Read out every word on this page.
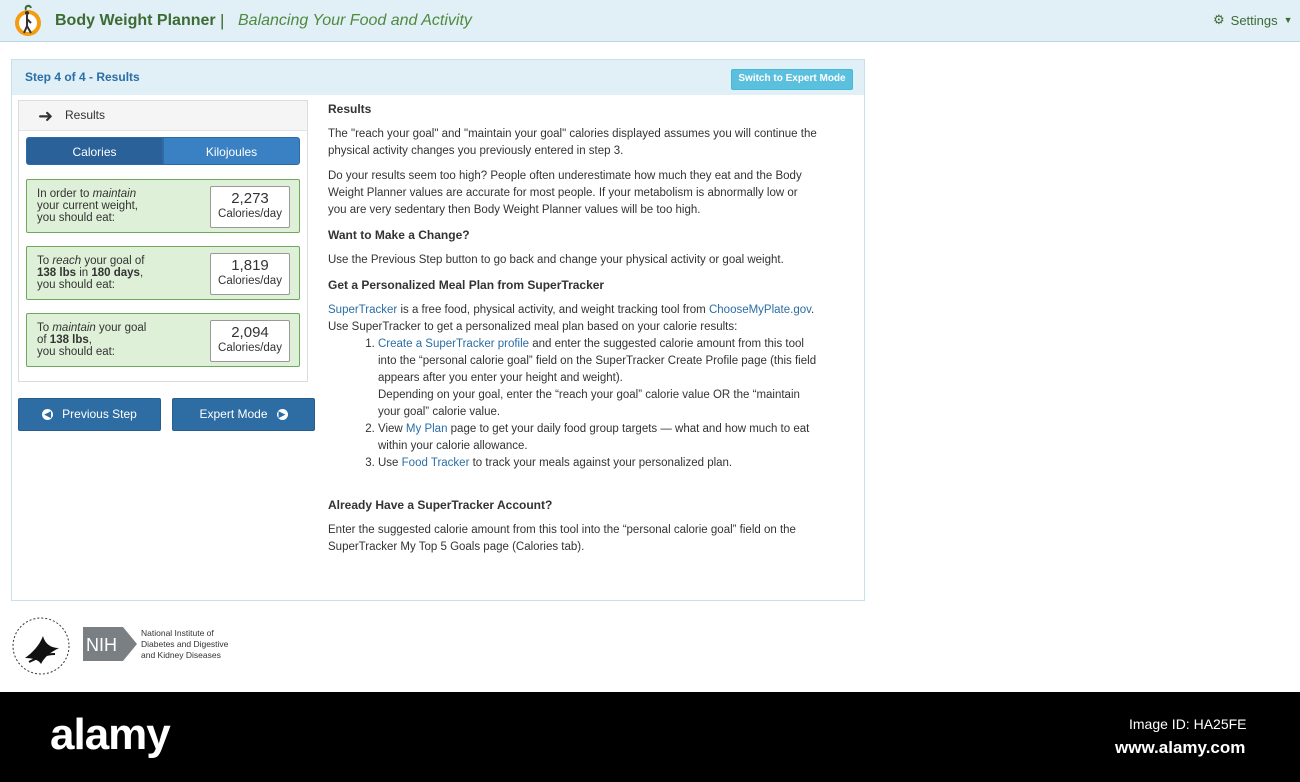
Body Weight Planner | Balancing Your Food and Activity	⚙ Settings ▼
Step 4 of 4 - Results	Switch to Expert Mode
➜ Results
Calories	Kilojoules
In order to maintain
your current weight,
you should eat:
2,273
Calories/day
To reach your goal of
138 lbs in 180 days,
you should eat:
1,819
Calories/day
To maintain your goal
of 138 lbs,
you should eat:
2,094
Calories/day
◀ Previous Step	Expert Mode ▶
Results

The "reach your goal" and "maintain your goal" calories displayed assumes you will continue the physical activity changes you previously entered in step 3.

Do your results seem too high? People often underestimate how much they eat and the Body Weight Planner values are accurate for most people. If your metabolism is abnormally low or you are very sedentary then Body Weight Planner values will be too high.

Want to Make a Change?

Use the Previous Step button to go back and change your physical activity or goal weight.

Get a Personalized Meal Plan from SuperTracker

SuperTracker is a free food, physical activity, and weight tracking tool from ChooseMyPlate.gov. Use SuperTracker to get a personalized meal plan based on your calorie results:

1. Create a SuperTracker profile and enter the suggested calorie amount from this tool into the “personal calorie goal” field on the SuperTracker Create Profile page (this field appears after you enter your height and weight).
Depending on your goal, enter the “reach your goal” calorie value OR the “maintain your goal” calorie value.
2. View My Plan page to get your daily food group targets — what and how much to eat within your calorie allowance.
3. Use Food Tracker to track your meals against your personalized plan.
Already Have a SuperTracker Account?

Enter the suggested calorie amount from this tool into the “personal calorie goal” field on the SuperTracker My Top 5 Goals page (Calories tab).

NIH
National Institute of
Diabetes and Digestive
and Kidney Diseases
alamy	Image ID: HA25FE
www.alamy.com
